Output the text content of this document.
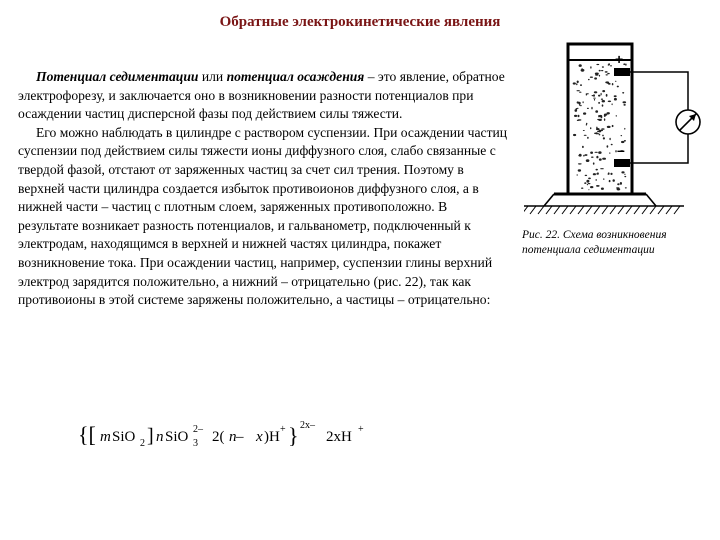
Обратные электрокинетические явления

Потенциал седиментации или потенциал осаждения – это явление, обратное электрофорезу, и заключается оно в возникновении разности потенциалов при осаждении частиц дисперсной фазы под действием силы тяжести.

Его можно наблюдать в цилиндре с раствором суспензии. При осаждении частиц суспензии под действием силы тяжести ионы диффузного слоя, слабо связанные с твердой фазой, отстают от заряженных частиц за счет сил трения. Поэтому в верхней части цилиндра создается избыток противоионов диффузного слоя, а в нижней части – частиц с плотным слоем, заряженных противоположно. В результате возникает разность потенциалов, и гальванометр, подключенный к электродам, находящимся в верхней и нижней частях цилиндра, покажет возникновение тока. При осаждении частиц, например, суспензии глины верхний электрод зарядится положительно, а нижний – отрицательно (рис. 22), так как противоионы в этой системе заряжены положительно, а частицы – отрицательно:

{[ m SiO 2 ] n SiO 3
2– 2( n – x )H + } 2x–
2xH +
+
–
Рис. 22. Схема возникновения потенциала седиментации
